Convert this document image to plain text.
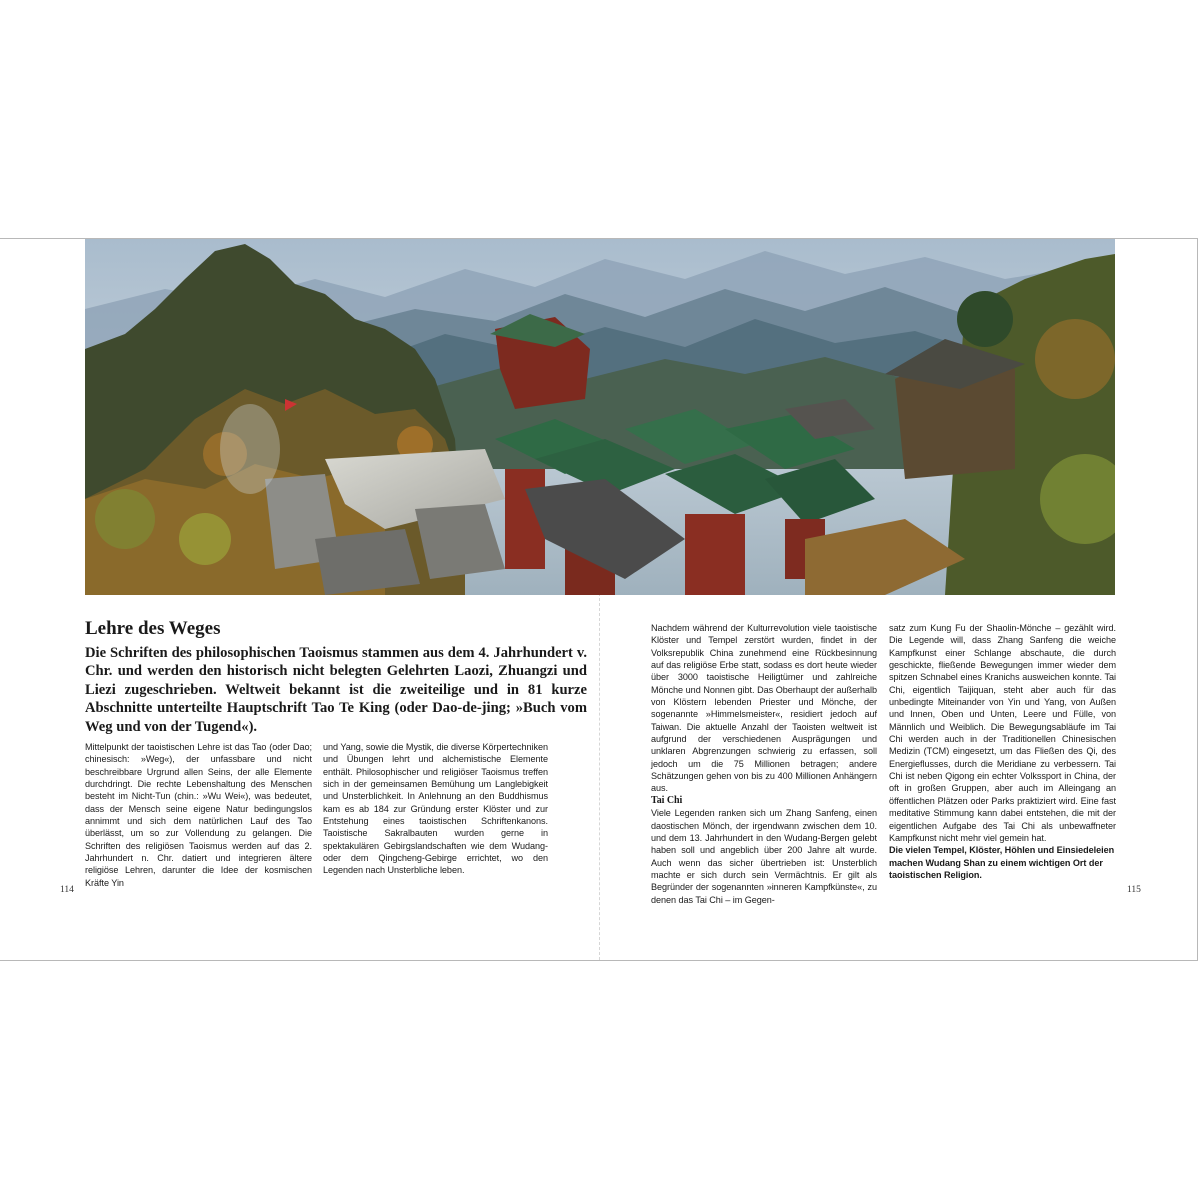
Lehre des Weges

Die Schriften des philosophischen Taoismus stammen aus dem 4. Jahrhundert v. Chr. und werden den historisch nicht belegten Gelehrten Laozi, Zhuangzi und Liezi zugeschrieben. Weltweit bekannt ist die zweiteilige und in 81 kurze Abschnitte unterteilte Hauptschrift Tao Te King (oder Dao-de-jing; »Buch vom Weg und von der Tugend«).

Mittelpunkt der taoistischen Lehre ist das Tao (oder Dao; chinesisch: »Weg«), der unfassbare und nicht beschreibbare Urgrund allen Seins, der alle Elemente durchdringt. Die rechte Lebenshaltung des Menschen besteht im Nicht-Tun (chin.: »Wu Wei«), was bedeutet, dass der Mensch seine eigene Natur bedingungslos annimmt und sich dem natürlichen Lauf des Tao überlässt, um so zur Vollendung zu gelangen. Die Schriften des religiösen Taoismus werden auf das 2. Jahrhundert n. Chr. datiert und integrieren ältere religiöse Lehren, darunter die Idee der kosmischen Kräfte Yin

und Yang, sowie die Mystik, die diverse Körpertechniken und Übungen lehrt und alchemistische Elemente enthält. Philosophischer und religiöser Taoismus treffen sich in der gemeinsamen Bemühung um Langlebigkeit und Unsterblichkeit. In Anlehnung an den Buddhismus kam es ab 184 zur Gründung erster Klöster und zur Entstehung eines taoistischen Schriftenkanons. Taoistische Sakralbauten wurden gerne in spektakulären Gebirgslandschaften wie dem Wudang- oder dem Qingcheng-Gebirge errichtet, wo den Legenden nach Unsterbliche leben.

Nachdem während der Kulturrevolution viele taoistische Klöster und Tempel zerstört wurden, findet in der Volksrepublik China zunehmend eine Rückbesinnung auf das religiöse Erbe statt, sodass es dort heute wieder über 3000 taoistische Heiligtümer und zahlreiche Mönche und Nonnen gibt. Das Oberhaupt der außerhalb von Klöstern lebenden Priester und Mönche, der sogenannte »Himmelsmeister«, residiert jedoch auf Taiwan. Die aktuelle Anzahl der Taoisten weltweit ist aufgrund der verschiedenen Ausprägungen und unklaren Abgrenzungen schwierig zu erfassen, soll jedoch um die 75 Millionen betragen; andere Schätzungen gehen von bis zu 400 Millionen Anhängern aus.

Tai Chi

Viele Legenden ranken sich um Zhang Sanfeng, einen daostischen Mönch, der irgendwann zwischen dem 10. und dem 13. Jahrhundert in den Wudang-Bergen gelebt haben soll und angeblich über 200 Jahre alt wurde. Auch wenn das sicher übertrieben ist: Unsterblich machte er sich durch sein Vermächtnis. Er gilt als Begründer der sogenannten »inneren Kampfkünste«, zu denen das Tai Chi – im Gegen-

satz zum Kung Fu der Shaolin-Mönche – gezählt wird. Die Legende will, dass Zhang Sanfeng die weiche Kampfkunst einer Schlange abschaute, die durch geschickte, fließende Bewegungen immer wieder dem spitzen Schnabel eines Kranichs ausweichen konnte. Tai Chi, eigentlich Taijiquan, steht aber auch für das unbedingte Miteinander von Yin und Yang, von Außen und Innen, Oben und Unten, Leere und Fülle, von Männlich und Weiblich. Die Bewegungsabläufe im Tai Chi werden auch in der Traditionellen Chinesischen Medizin (TCM) eingesetzt, um das Fließen des Qi, des Energieflusses, durch die Meridiane zu verbessern. Tai Chi ist neben Qigong ein echter Volkssport in China, der oft in großen Gruppen, aber auch im Alleingang an öffentlichen Plätzen oder Parks praktiziert wird. Eine fast meditative Stimmung kann dabei entstehen, die mit der eigentlichen Aufgabe des Tai Chi als unbewaffneter Kampfkunst nicht mehr viel gemein hat.

Die vielen Tempel, Klöster, Höhlen und Einsiedeleien machen Wudang Shan zu einem wichtigen Ort der taoistischen Religion.

114	115
